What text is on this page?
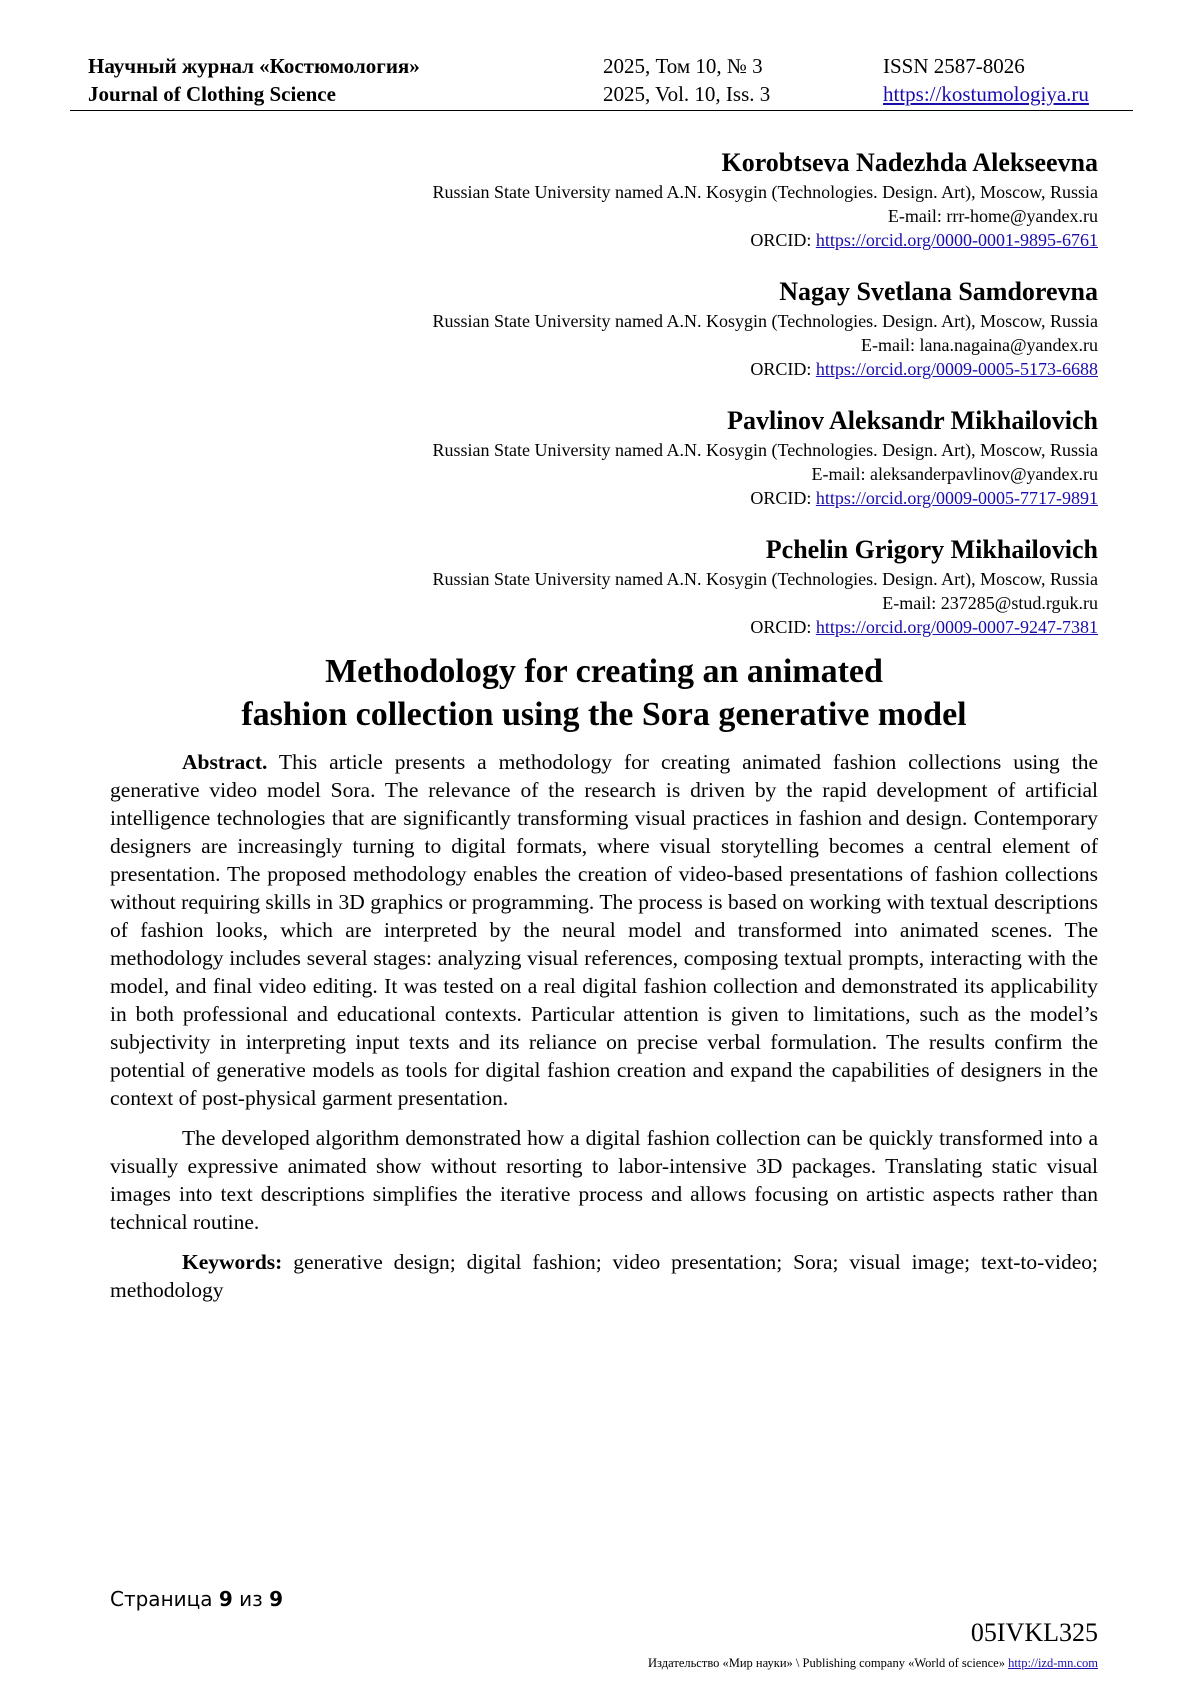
Научный журнал «Костюмология»
Journal of Clothing Science
2025, Том 10, № 3
2025, Vol. 10, Iss. 3
ISSN 2587-8026
https://kostumologiya.ru
Korobtseva Nadezhda Alekseevna
Russian State University named A.N. Kosygin (Technologies. Design. Art), Moscow, Russia
E-mail: rrr-home@yandex.ru
ORCID: https://orcid.org/0000-0001-9895-6761
Nagay Svetlana Samdorevna
Russian State University named A.N. Kosygin (Technologies. Design. Art), Moscow, Russia
E-mail: lana.nagaina@yandex.ru
ORCID: https://orcid.org/0009-0005-5173-6688
Pavlinov Aleksandr Mikhailovich
Russian State University named A.N. Kosygin (Technologies. Design. Art), Moscow, Russia
E-mail: aleksanderpavlinov@yandex.ru
ORCID: https://orcid.org/0009-0005-7717-9891
Pchelin Grigory Mikhailovich
Russian State University named A.N. Kosygin (Technologies. Design. Art), Moscow, Russia
E-mail: 237285@stud.rguk.ru
ORCID: https://orcid.org/0009-0007-9247-7381
Methodology for creating an animated
fashion collection using the Sora generative model

Abstract. This article presents a methodology for creating animated fashion collections using the generative video model Sora. The relevance of the research is driven by the rapid development of artificial intelligence technologies that are significantly transforming visual practices in fashion and design. Contemporary designers are increasingly turning to digital formats, where visual storytelling becomes a central element of presentation. The proposed methodology enables the creation of video-based presentations of fashion collections without requiring skills in 3D graphics or programming. The process is based on working with textual descriptions of fashion looks, which are interpreted by the neural model and transformed into animated scenes. The methodology includes several stages: analyzing visual references, composing textual prompts, interacting with the model, and final video editing. It was tested on a real digital fashion collection and demonstrated its applicability in both professional and educational contexts. Particular attention is given to limitations, such as the model’s subjectivity in interpreting input texts and its reliance on precise verbal formulation. The results confirm the potential of generative models as tools for digital fashion creation and expand the capabilities of designers in the context of post-physical garment presentation.

The developed algorithm demonstrated how a digital fashion collection can be quickly transformed into a visually expressive animated show without resorting to labor-intensive 3D packages. Translating static visual images into text descriptions simplifies the iterative process and allows focusing on artistic aspects rather than technical routine.

Keywords: generative design; digital fashion; video presentation; Sora; visual image; text-to-video; methodology

Страница 9 из 9
05IVKL325
Издательство «Мир науки» \ Publishing company «World of science» http://izd-mn.com
